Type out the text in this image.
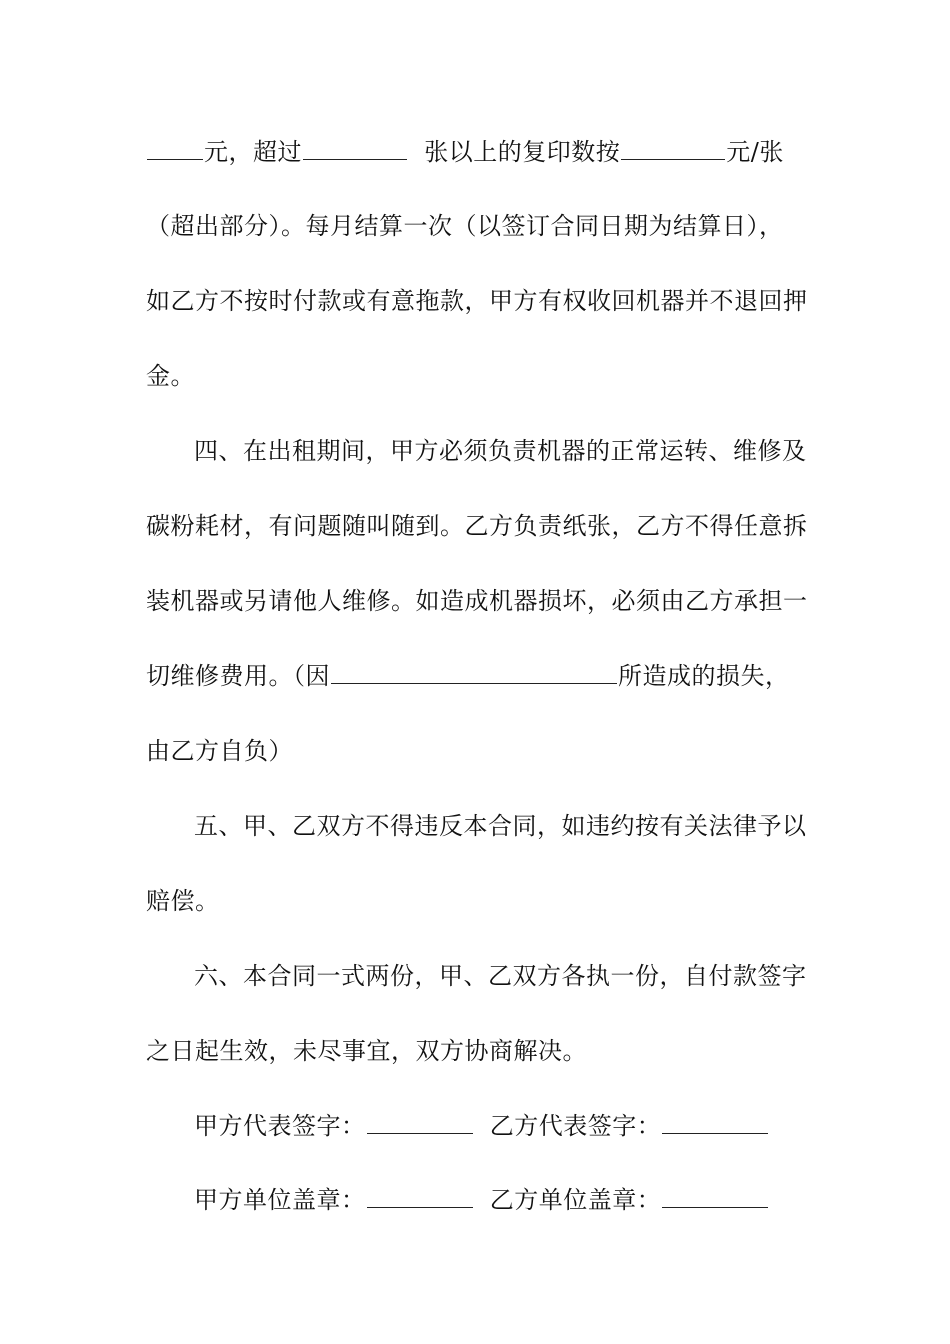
元，超过	张以上的复印数按	元/张
（超出部分）。每月结算一次（以签订合同日期为结算日），
如乙方不按时付款或有意拖款，甲方有权收回机器并不退回押
金。
四、在出租期间，甲方必须负责机器的正常运转、维修及
碳粉耗材，有问题随叫随到。乙方负责纸张，乙方不得任意拆
装机器或另请他人维修。如造成机器损坏，必须由乙方承担一
切维修费用。（因	所造成的损失，
由乙方自负）
五、甲、乙双方不得违反本合同，如违约按有关法律予以
赔偿。
六、本合同一式两份，甲、乙双方各执一份，自付款签字
之日起生效，未尽事宜，双方协商解决。
甲方代表签字：	乙方代表签字：
甲方单位盖章：	乙方单位盖章：
